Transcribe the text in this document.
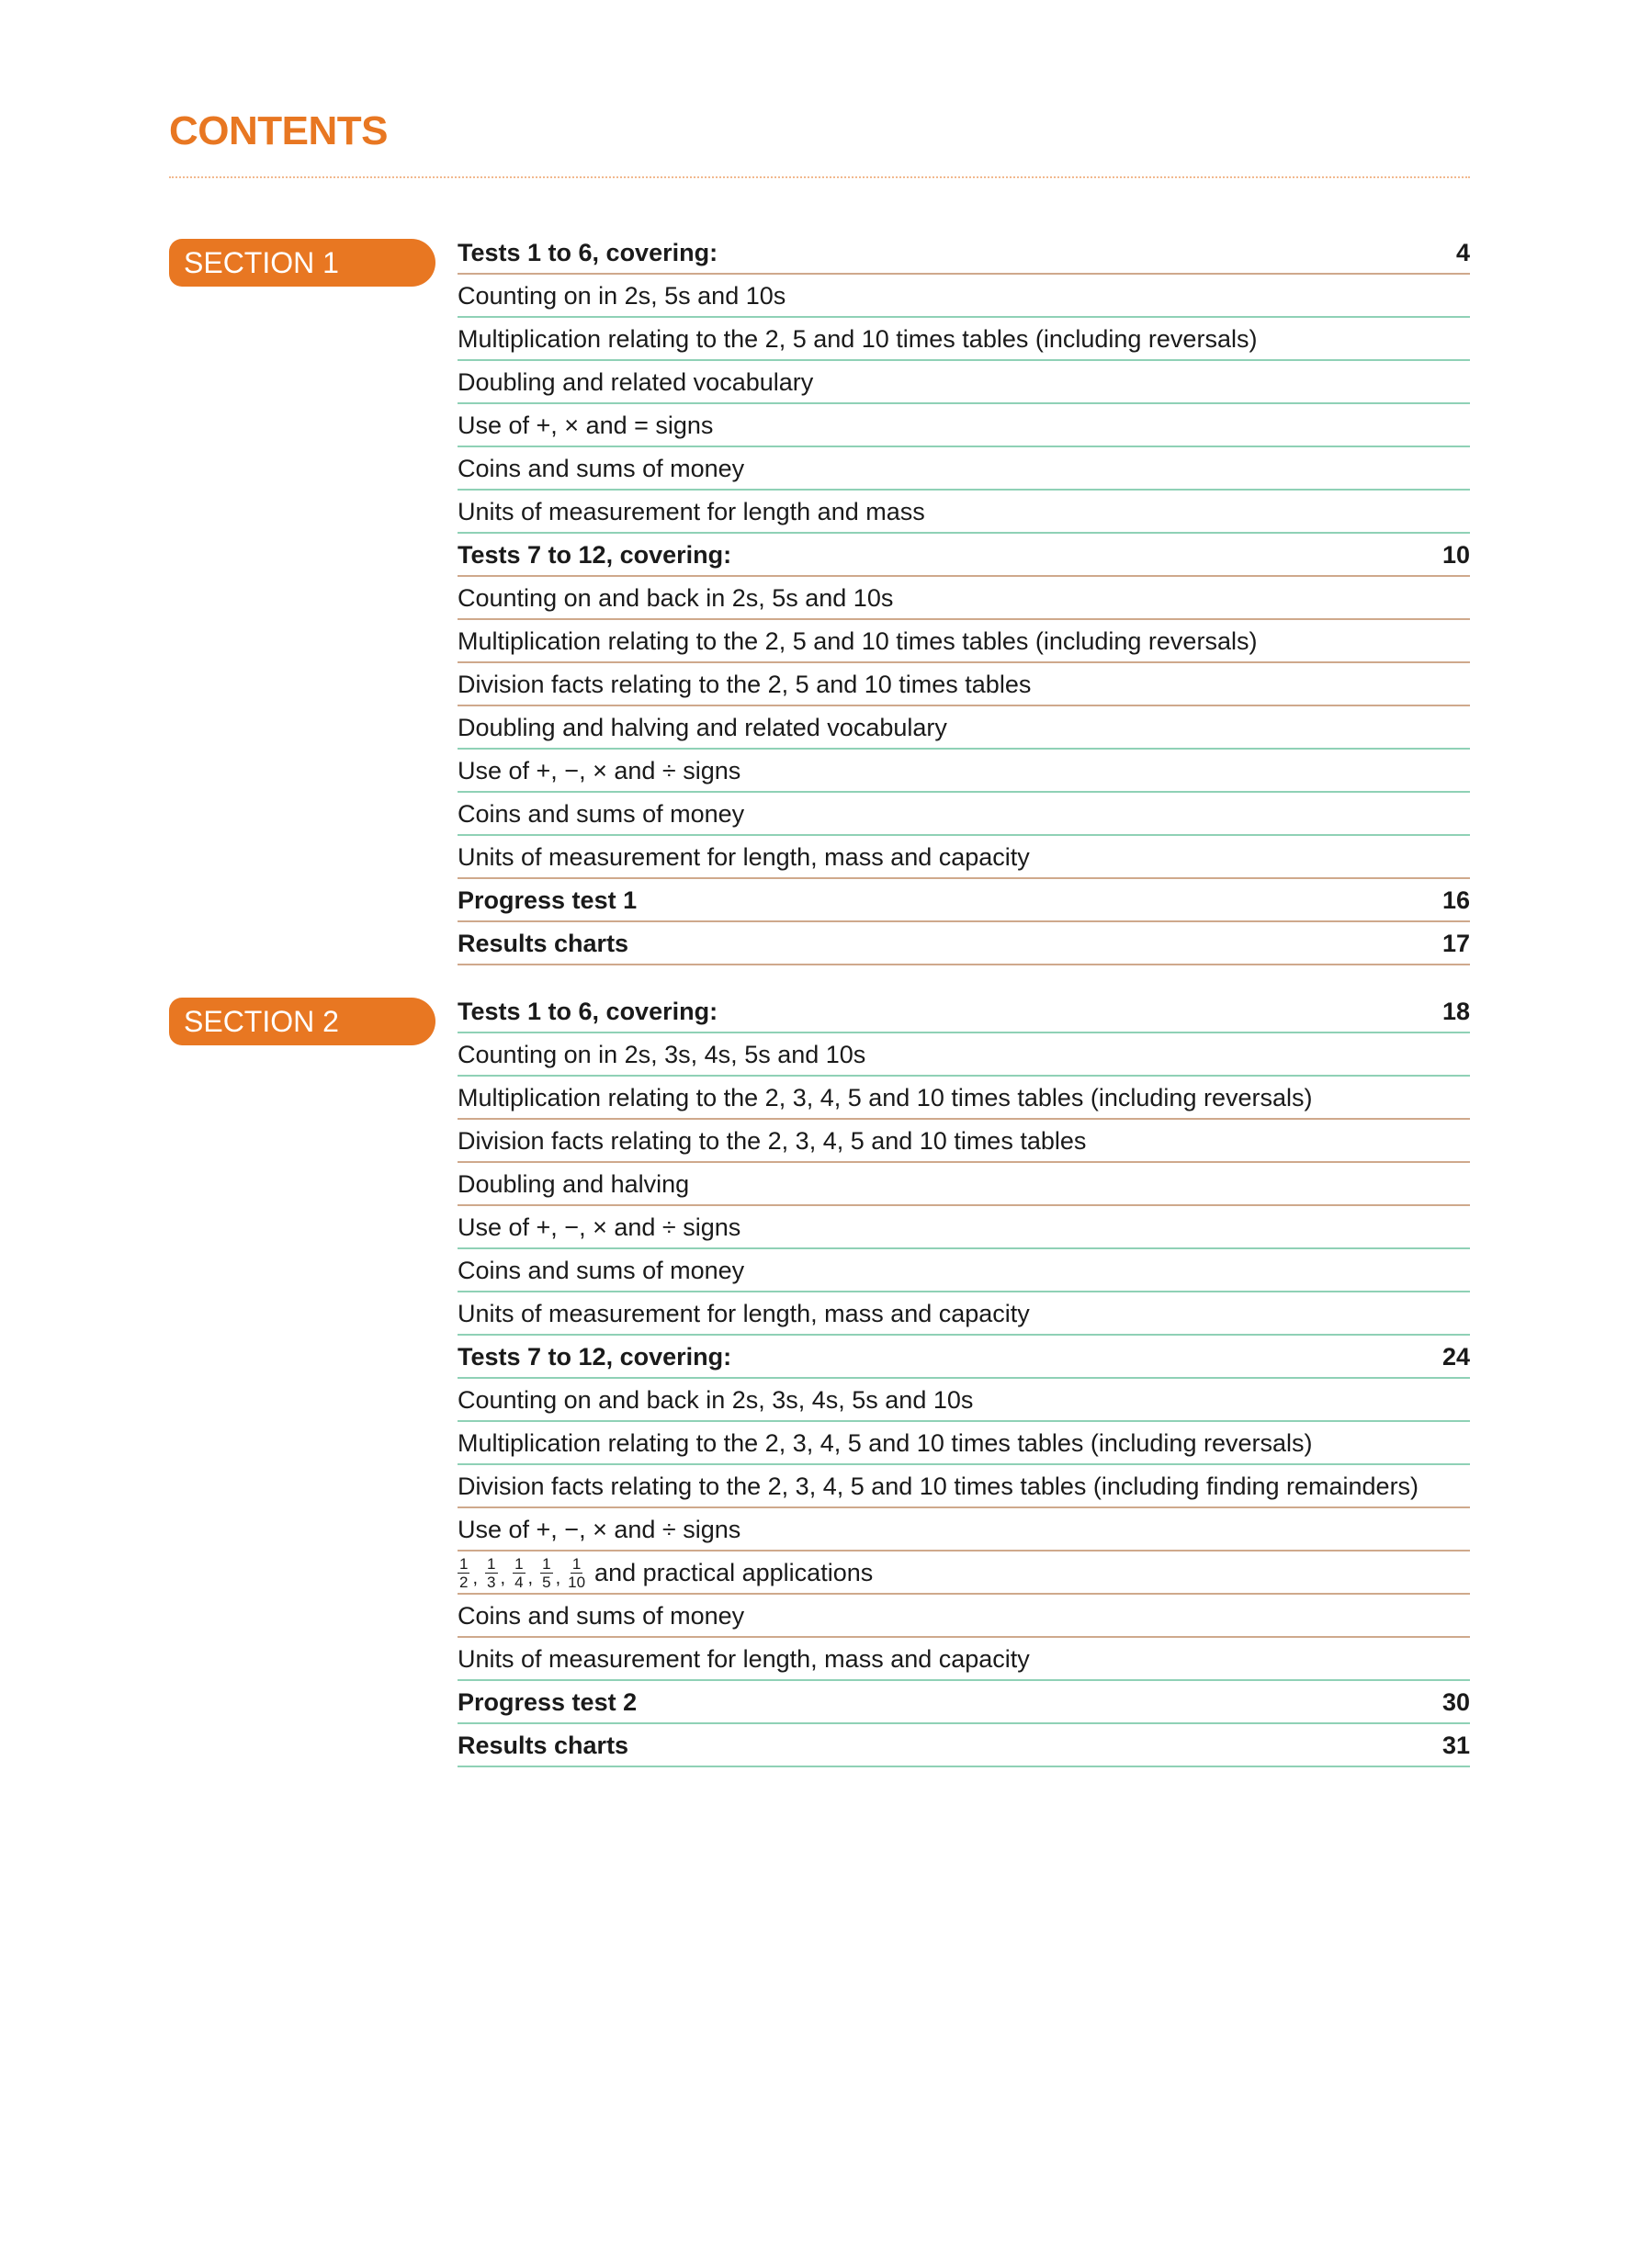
CONTENTS
SECTION 1	Tests 1 to 6, covering:	4
Counting on in 2s, 5s and 10s
Multiplication relating to the 2, 5 and 10 times tables (including reversals)
Doubling and related vocabulary
Use of +, × and = signs
Coins and sums of money
Units of measurement for length and mass
Tests 7 to 12, covering:	10
Counting on and back in 2s, 5s and 10s
Multiplication relating to the 2, 5 and 10 times tables (including reversals)
Division facts relating to the 2, 5 and 10 times tables
Doubling and halving and related vocabulary
Use of +, −, × and ÷ signs
Coins and sums of money
Units of measurement for length, mass and capacity
Progress test 1	16
Results charts	17
SECTION 2	Tests 1 to 6, covering:	18
Counting on in 2s, 3s, 4s, 5s and 10s
Multiplication relating to the 2, 3, 4, 5 and 10 times tables (including reversals)
Division facts relating to the 2, 3, 4, 5 and 10 times tables
Doubling and halving
Use of +, −, × and ÷ signs
Coins and sums of money
Units of measurement for length, mass and capacity
Tests 7 to 12, covering:	24
Counting on and back in 2s, 3s, 4s, 5s and 10s
Multiplication relating to the 2, 3, 4, 5 and 10 times tables (including reversals)
Division facts relating to the 2, 3, 4, 5 and 10 times tables (including finding remainders)
Use of +, −, × and ÷ signs
$\frac{1}{2}$ , $\frac{1}{3}$ , $\frac{1}{4}$ , $\frac{1}{5}$ , $\frac{1}{10}$ and practical applications
Coins and sums of money
Units of measurement for length, mass and capacity
Progress test 2	30
Results charts	31
